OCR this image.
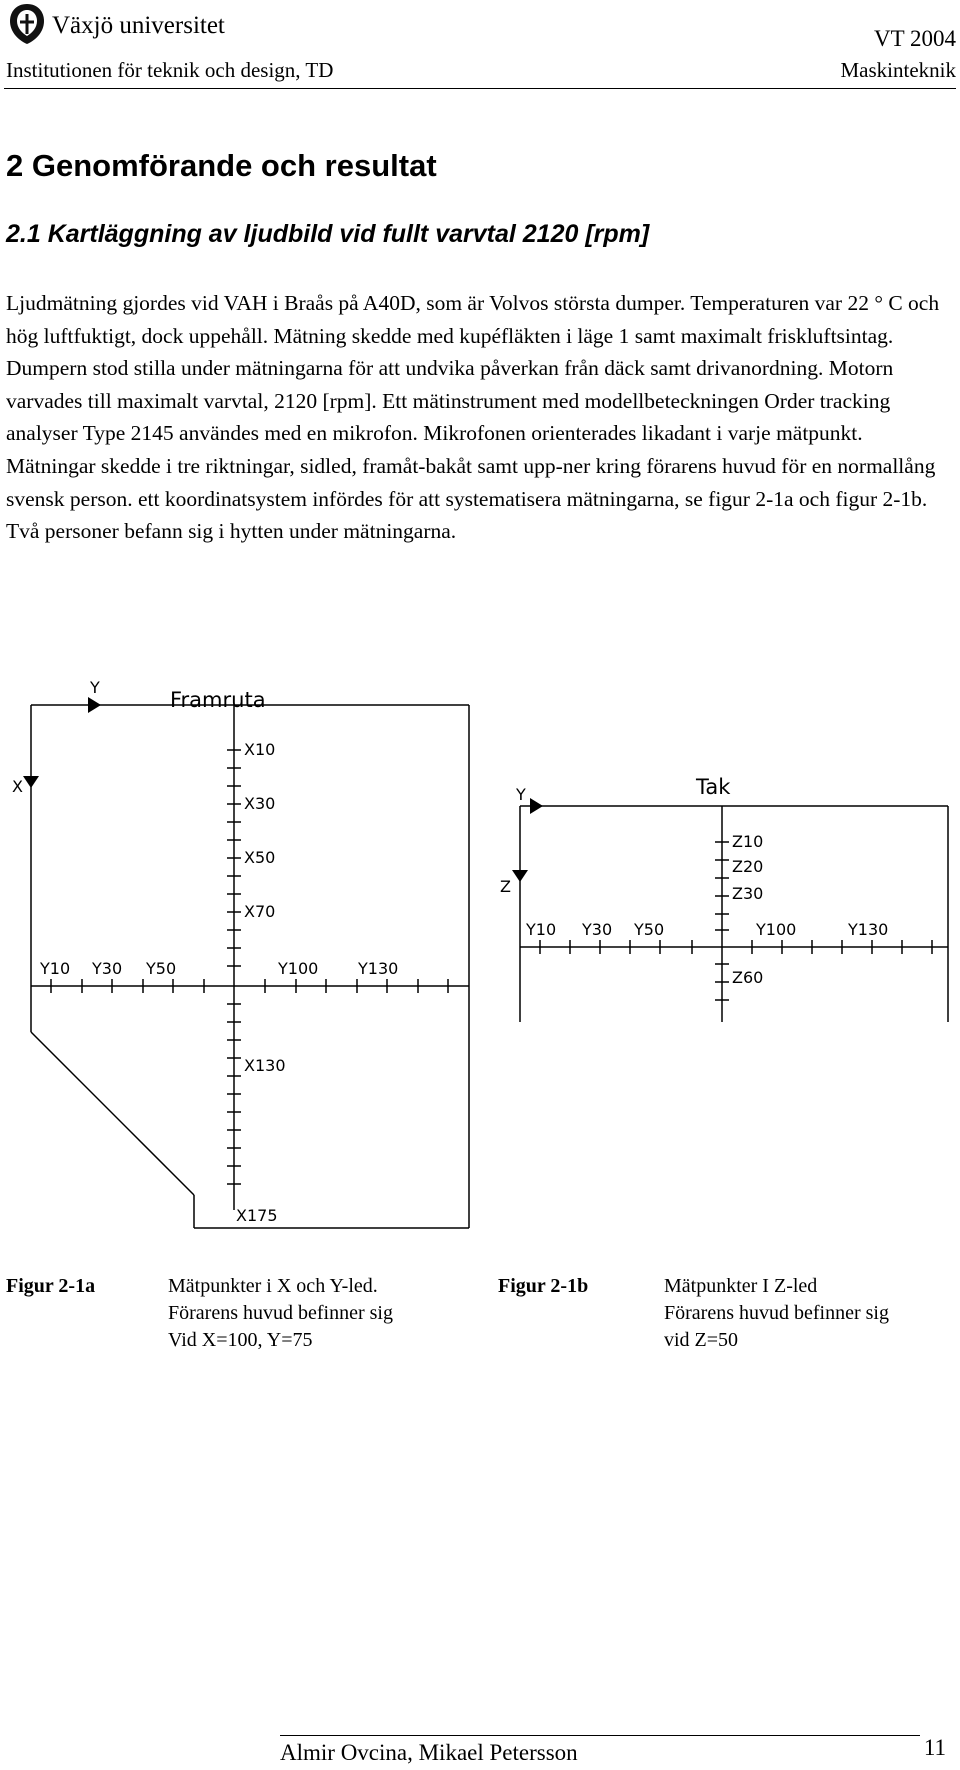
Växjö universitet
Institutionen för teknik och design, TD
VT 2004
Maskinteknik
2 Genomförande och resultat
2.1 Kartläggning av ljudbild vid fullt varvtal 2120 [rpm]

Ljudmätning gjordes vid VAH i Braås på A40D, som är Volvos största dumper. Temperaturen var 22 ° C och hög luftfuktigt, dock uppehåll. Mätning skedde med kupéfläkten i läge 1 samt maximalt friskluftsintag. Dumpern stod stilla under mätningarna för att undvika påverkan från däck samt drivanordning. Motorn varvades till maximalt varvtal, 2120 [rpm]. Ett mätinstrument med modellbeteckningen Order tracking analyser Type 2145 användes med en mikrofon. Mikrofonen orienterades likadant i varje mätpunkt. Mätningar skedde i tre riktningar, sidled, framåt-bakåt samt upp-ner kring förarens huvud för en normallång svensk person. ett koordinatsystem infördes för att systematisera mätningarna, se figur 2-1a och figur 2-1b. Två personer befann sig i hytten under mätningarna.

Y
X
Framruta
X10
X30
X50
X70
X130
X175
Y10 Y30 Y50	Y100 Y130
Y
Z
Tak
Z10
Z20
Z30
Z60
Y10 Y30 Y50	Y100	Y130
Figur 2-1a	Mätpunkter i X och Y-led.
Förarens huvud befinner sig
Vid X=100, Y=75
Figur 2-1b	Mätpunkter I Z-led
Förarens huvud befinner sig
vid Z=50
Almir Ovcina, Mikael Petersson	11
